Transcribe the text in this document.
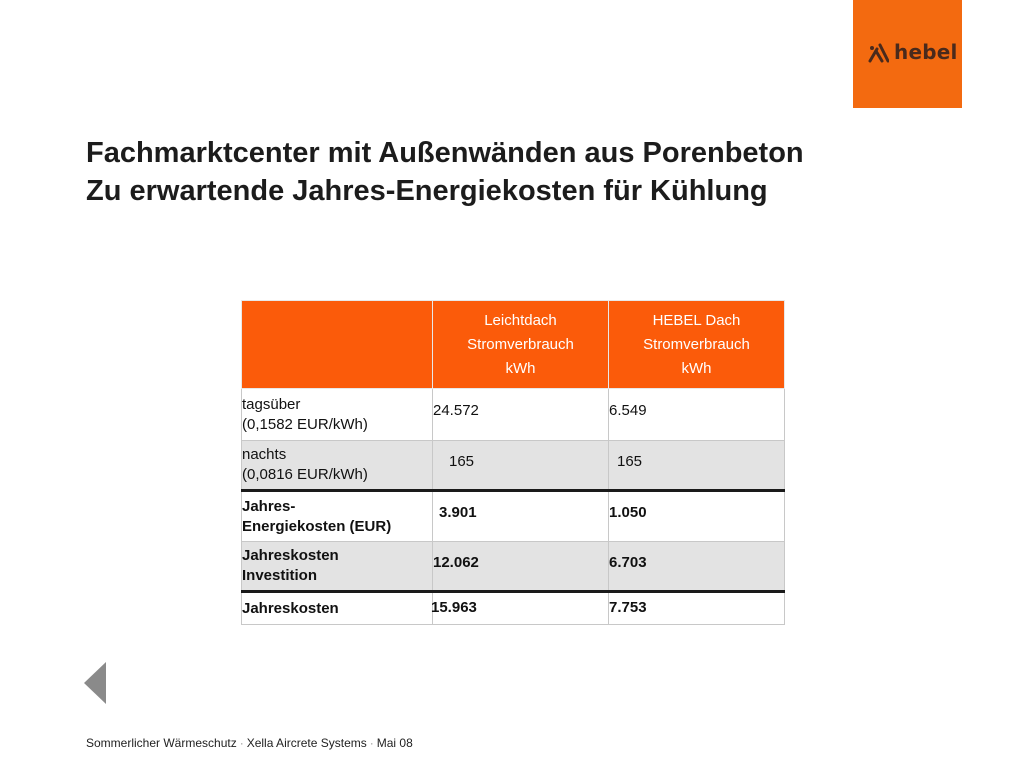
hebel
Fachmarktcenter mit Außenwänden aus Porenbeton
Zu erwartende Jahres-Energiekosten für Kühlung

	Leichtdach
Stromverbrauch
kWh	HEBEL Dach
Stromverbrauch
kWh

tagsüber
(0,1582 EUR/kWh)	24.572	6.549
nachts
(0,0816 EUR/kWh)	165	165
Jahres-
Energiekosten (EUR)	3.901	1.050
Jahreskosten
Investition	12.062	6.703
Jahreskosten	15.963	7.753
Sommerlicher Wärmeschutz · Xella Aircrete Systems · Mai 08
